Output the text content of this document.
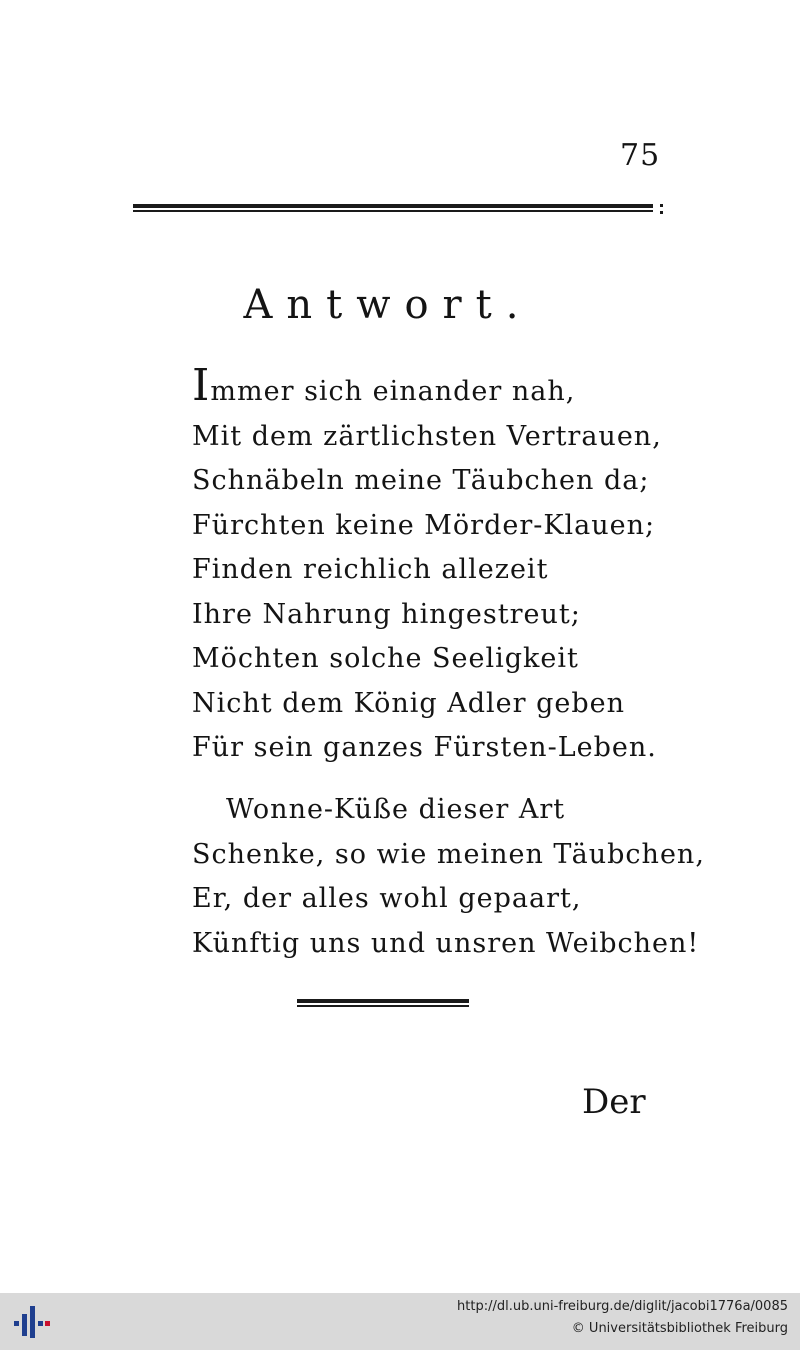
75
Antwort.
Immer sich einander nah,
Mit dem zärtlichsten Vertrauen,
Schnäbeln meine Täubchen da;
Fürchten keine Mörder-Klauen;
Finden reichlich allezeit
Ihre Nahrung hingestreut;
Möchten solche Seeligkeit
Nicht dem König Adler geben
Für sein ganzes Fürsten-Leben.
Wonne-Küße dieser Art
Schenke, so wie meinen Täubchen,
Er, der alles wohl gepaart,
Künftig uns und unsren Weibchen!
Der
http://dl.ub.uni-freiburg.de/diglit/jacobi1776a/0085
© Universitätsbibliothek Freiburg
